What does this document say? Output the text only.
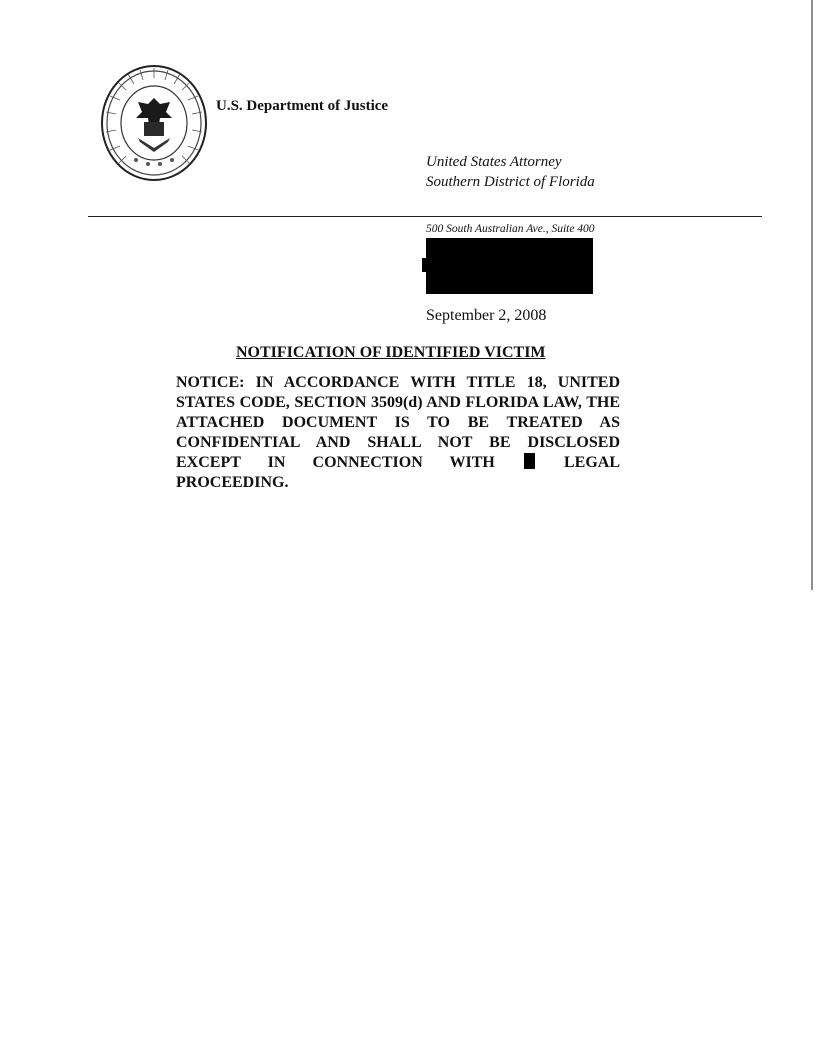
U.S. Department of Justice
United States Attorney
Southern District of Florida
500 South Australian Ave., Suite 400
September 2, 2008
NOTIFICATION OF IDENTIFIED VICTIM
NOTICE: IN ACCORDANCE WITH TITLE 18, UNITED STATES CODE, SECTION 3509(d) AND FLORIDA LAW, THE ATTACHED DOCUMENT IS TO BE TREATED AS CONFIDENTIAL AND SHALL NOT BE DISCLOSED EXCEPT IN CONNECTION WITH	LEGAL PROCEEDING.
